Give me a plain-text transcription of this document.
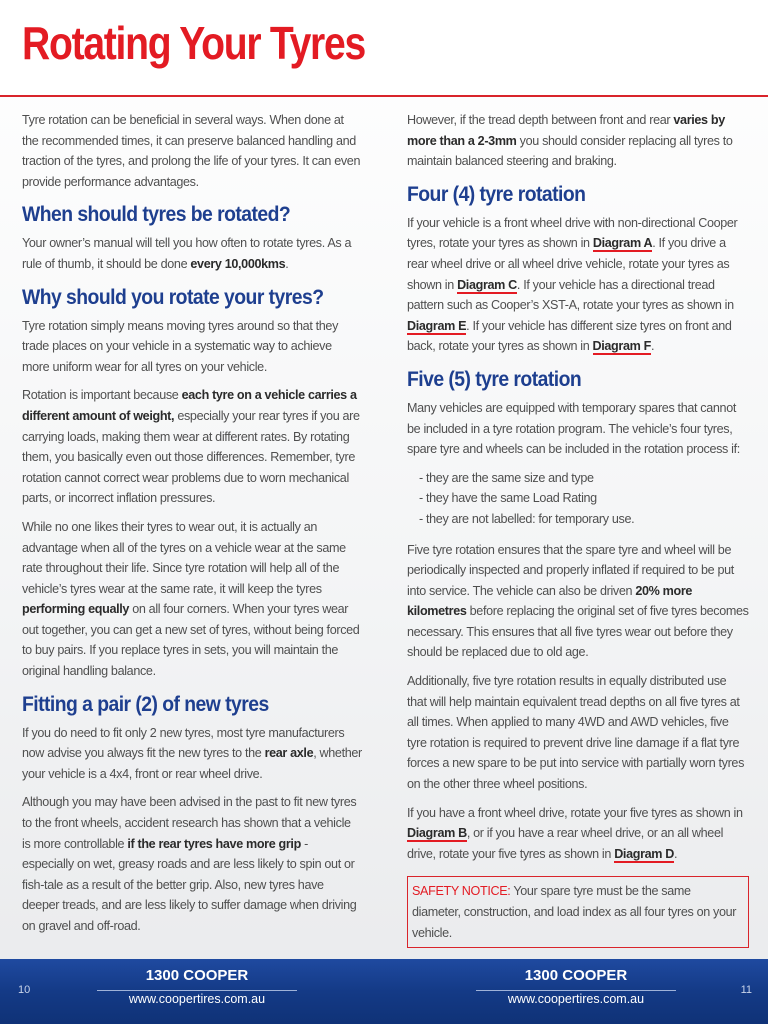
Rotating Your Tyres

Tyre rotation can be beneficial in several ways. When done at the recommended times, it can preserve balanced handling and traction of the tyres, and prolong the life of your tyres. It can even provide performance advantages.

When should tyres be rotated?

Your owner’s manual will tell you how often to rotate tyres. As a rule of thumb, it should be done every 10,000kms.

Why should you rotate your tyres?

Tyre rotation simply means moving tyres around so that they trade places on your vehicle in a systematic way to achieve more uniform wear for all tyres on your vehicle.

Rotation is important because each tyre on a vehicle carries a different amount of weight, especially your rear tyres if you are carrying loads, making them wear at different rates. By rotating them, you basically even out those differences. Remember, tyre rotation cannot correct wear problems due to worn mechanical parts, or incorrect inflation pressures.

While no one likes their tyres to wear out, it is actually an advantage when all of the tyres on a vehicle wear at the same rate throughout their life. Since tyre rotation will help all of the vehicle’s tyres wear at the same rate, it will keep the tyres performing equally on all four corners. When your tyres wear out together, you can get a new set of tyres, without being forced to buy pairs. If you replace tyres in sets, you will maintain the original handling balance.

Fitting a pair (2) of new tyres

If you do need to fit only 2 new tyres, most tyre manufacturers now advise you always fit the new tyres to the rear axle, whether your vehicle is a 4x4, front or rear wheel drive.

Although you may have been advised in the past to fit new tyres to the front wheels, accident research has shown that a vehicle is more controllable if the rear tyres have more grip - especially on wet, greasy roads and are less likely to spin out or fish-tale as a result of the better grip. Also, new tyres have deeper treads, and are less likely to suffer damage when driving on gravel and off-road.

However, if the tread depth between front and rear varies by more than a 2-3mm you should consider replacing all tyres to maintain balanced steering and braking.

Four (4) tyre rotation

If your vehicle is a front wheel drive with non-directional Cooper tyres, rotate your tyres as shown in Diagram A. If you drive a rear wheel drive or all wheel drive vehicle, rotate your tyres as shown in Diagram C. If your vehicle has a directional tread pattern such as Cooper’s XST-A, rotate your tyres as shown in Diagram E. If your vehicle has different size tyres on front and back, rotate your tyres as shown in Diagram F.

Five (5) tyre rotation

Many vehicles are equipped with temporary spares that cannot be included in a tyre rotation program. The vehicle’s four tyres, spare tyre and wheels can be included in the rotation process if:

- they are the same size and type
- they have the same Load Rating
- they are not labelled: for temporary use.

Five tyre rotation ensures that the spare tyre and wheel will be periodically inspected and properly inflated if required to be put into service. The vehicle can also be driven 20% more kilometres before replacing the original set of five tyres becomes necessary. This ensures that all five tyres wear out before they should be replaced due to old age.

Additionally, five tyre rotation results in equally distributed use that will help maintain equivalent tread depths on all five tyres at all times. When applied to many 4WD and AWD vehicles, five tyre rotation is required to prevent drive line damage if a flat tyre forces a new spare to be put into service with partially worn tyres on the other three wheel positions.

If you have a front wheel drive, rotate your five tyres as shown in Diagram B, or if you have a rear wheel drive, or an all wheel drive, rotate your five tyres as shown in Diagram D.

SAFETY NOTICE: Your spare tyre must be the same diameter, construction, and load index as all four tyres on your vehicle.
10
1300 COOPER
www.coopertires.com.au
1300 COOPER
www.coopertires.com.au
11
